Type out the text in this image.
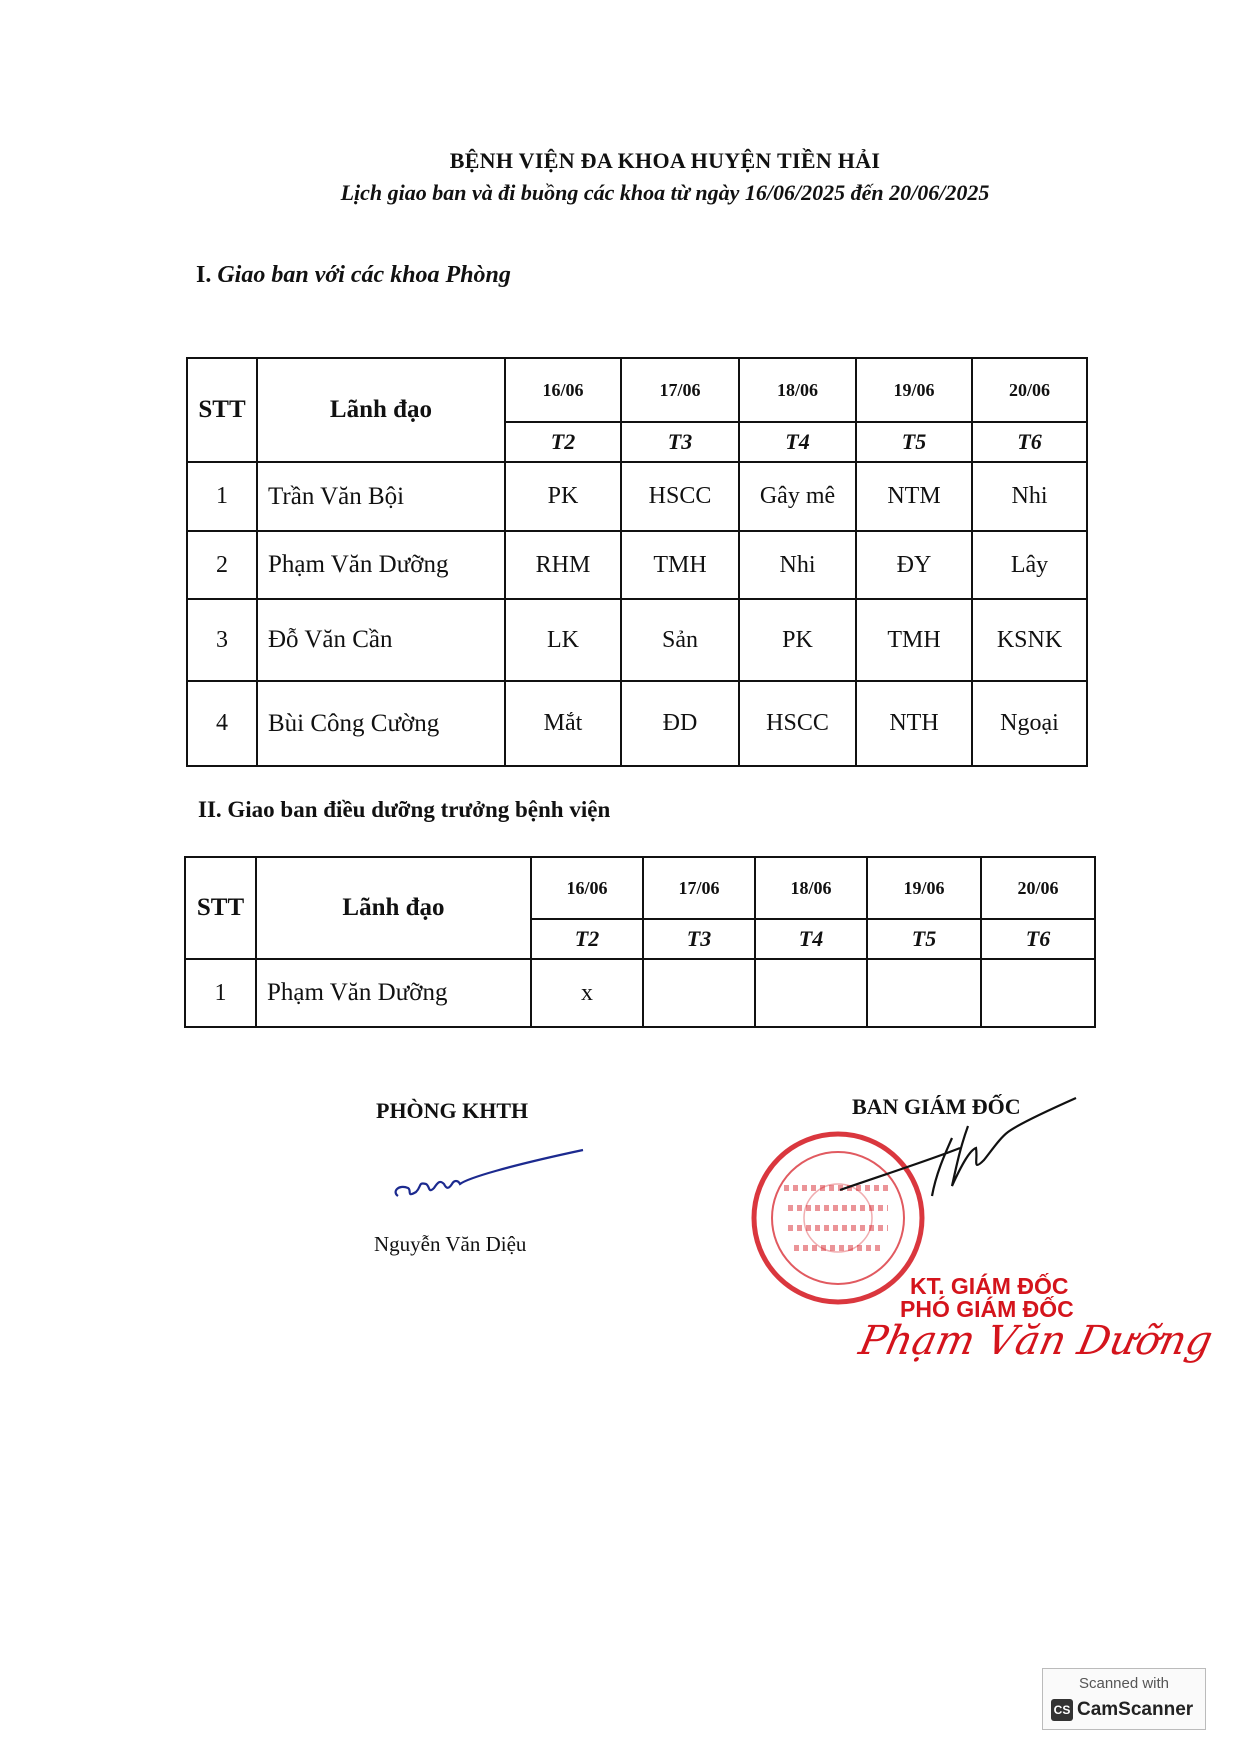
BỆNH VIỆN ĐA KHOA HUYỆN TIỀN HẢI
Lịch giao ban và đi buồng các khoa từ ngày 16/06/2025 đến 20/06/2025
I. Giao ban với các khoa Phòng
STT	Lãnh đạo	16/06	17/06	18/06	19/06	20/06
		T2	T3	T4	T5	T6
1	Trần Văn Bội	PK	HSCC	Gây mê	NTM	Nhi
2	Phạm Văn Dưỡng	RHM	TMH	Nhi	ĐY	Lây
3	Đỗ Văn Cần	LK	Sản	PK	TMH	KSNK
4	Bùi Công Cường	Mắt	ĐD	HSCC	NTH	Ngoại
II. Giao ban điều dưỡng trưởng bệnh viện
STT	Lãnh đạo	16/06	17/06	18/06	19/06	20/06
		T2	T3	T4	T5	T6
1	Phạm Văn Dưỡng	x				
PHÒNG KHTH
Nguyễn Văn Diệu
BAN GIÁM ĐỐC
KT. GIÁM ĐỐC
PHÓ GIÁM ĐỐC
Phạm Văn Dưỡng
Scanned with
CS CamScanner
